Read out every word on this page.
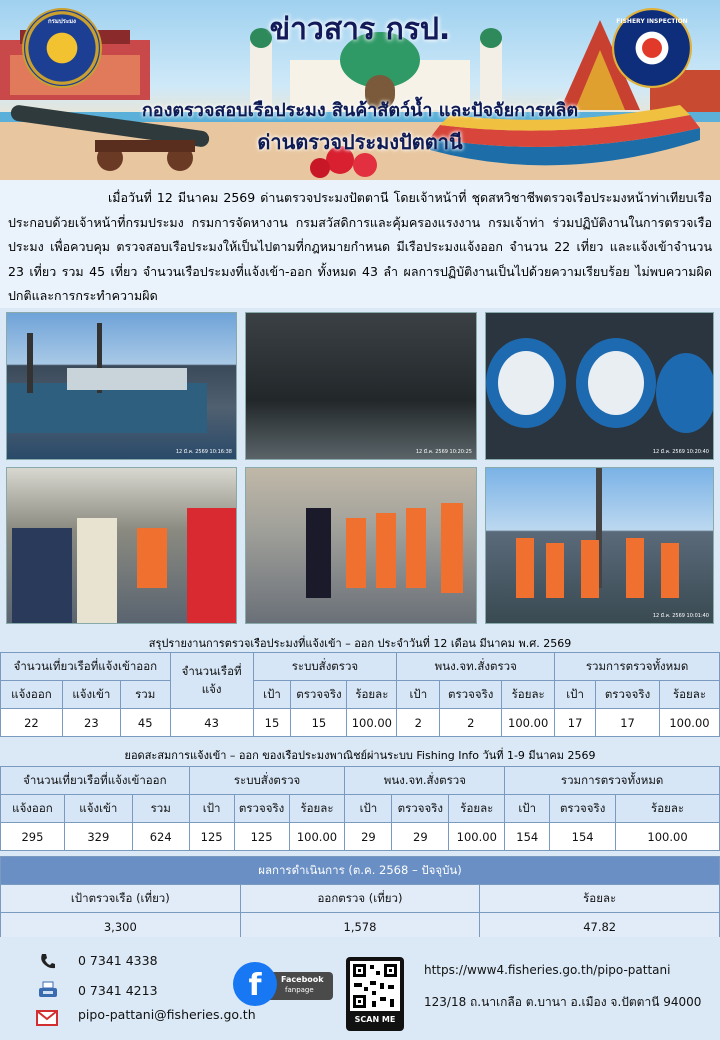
กรมประมง	FISHERY INSPECTION
ข่าวสาร กรป.
กองตรวจสอบเรือประมง สินค้าสัตว์น้ำ และปัจจัยการผลิต
ด่านตรวจประมงปัตตานี
เมื่อวันที่ 12 มีนาคม 2569 ด่านตรวจประมงปัตตานี โดยเจ้าหน้าที่ ชุดสหวิชาชีพตรวจเรือประมงหน้าท่าเทียบเรือ ประกอบด้วยเจ้าหน้าที่กรมประมง กรมการจัดหางาน กรมสวัสดิการและคุ้มครองแรงงาน กรมเจ้าท่า ร่วมปฏิบัติงานในการตรวจเรือประมง เพื่อควบคุม ตรวจสอบเรือประมงให้เป็นไปตามที่กฎหมายกำหนด มีเรือประมงแจ้งออก จำนวน 22 เที่ยว และแจ้งเข้าจำนวน 23 เที่ยว รวม 45 เที่ยว จำนวนเรือประมงที่แจ้งเข้า-ออก ทั้งหมด 43 ลำ ผลการปฏิบัติงานเป็นไปด้วยความเรียบร้อย ไม่พบความผิดปกติและการกระทำความผิด
12 มี.ค. 2569 10:16:38	12 มี.ค. 2569 10:20:25	12 มี.ค. 2569 10:20:40
12 มี.ค. 2569 10:01:40
สรุปรายงานการตรวจเรือประมงที่แจ้งเข้า – ออก ประจำวันที่ 12 เดือน มีนาคม พ.ศ. 2569
จำนวนเที่ยวเรือที่แจ้งเข้าออก			จำนวนเรือที่แจ้ง	ระบบสั่งตรวจ			พนง.จท.สั่งตรวจ			รวมการตรวจทั้งหมด		
แจ้งออก	แจ้งเข้า	รวม		เป้า	ตรวจจริง	ร้อยละ	เป้า	ตรวจจริง	ร้อยละ	เป้า	ตรวจจริง	ร้อยละ
22	23	45	43	15	15	100.00	2	2	100.00	17	17	100.00
ยอดสะสมการแจ้งเข้า – ออก ของเรือประมงพาณิชย์ผ่านระบบ Fishing Info วันที่ 1-9 มีนาคม 2569
จำนวนเที่ยวเรือที่แจ้งเข้าออก			ระบบสั่งตรวจ			พนง.จท.สั่งตรวจ			รวมการตรวจทั้งหมด		
แจ้งออก	แจ้งเข้า	รวม	เป้า	ตรวจจริง	ร้อยละ	เป้า	ตรวจจริง	ร้อยละ	เป้า	ตรวจจริง	ร้อยละ
295	329	624	125	125	100.00	29	29	100.00	154	154	100.00
ผลการดำเนินการ (ต.ค. 2568 – ปัจจุบัน)		
เป้าตรวจเรือ (เที่ยว)	ออกตรวจ (เที่ยว)	ร้อยละ
3,300	1,578	47.82
0 7341 4338
0 7341 4213
pipo-pattani@fisheries.go.th
f	Facebook
fanpage
SCAN ME
https://www4.fisheries.go.th/pipo-pattani
123/18 ถ.นาเกลือ ต.บานา อ.เมือง จ.ปัตตานี 94000
